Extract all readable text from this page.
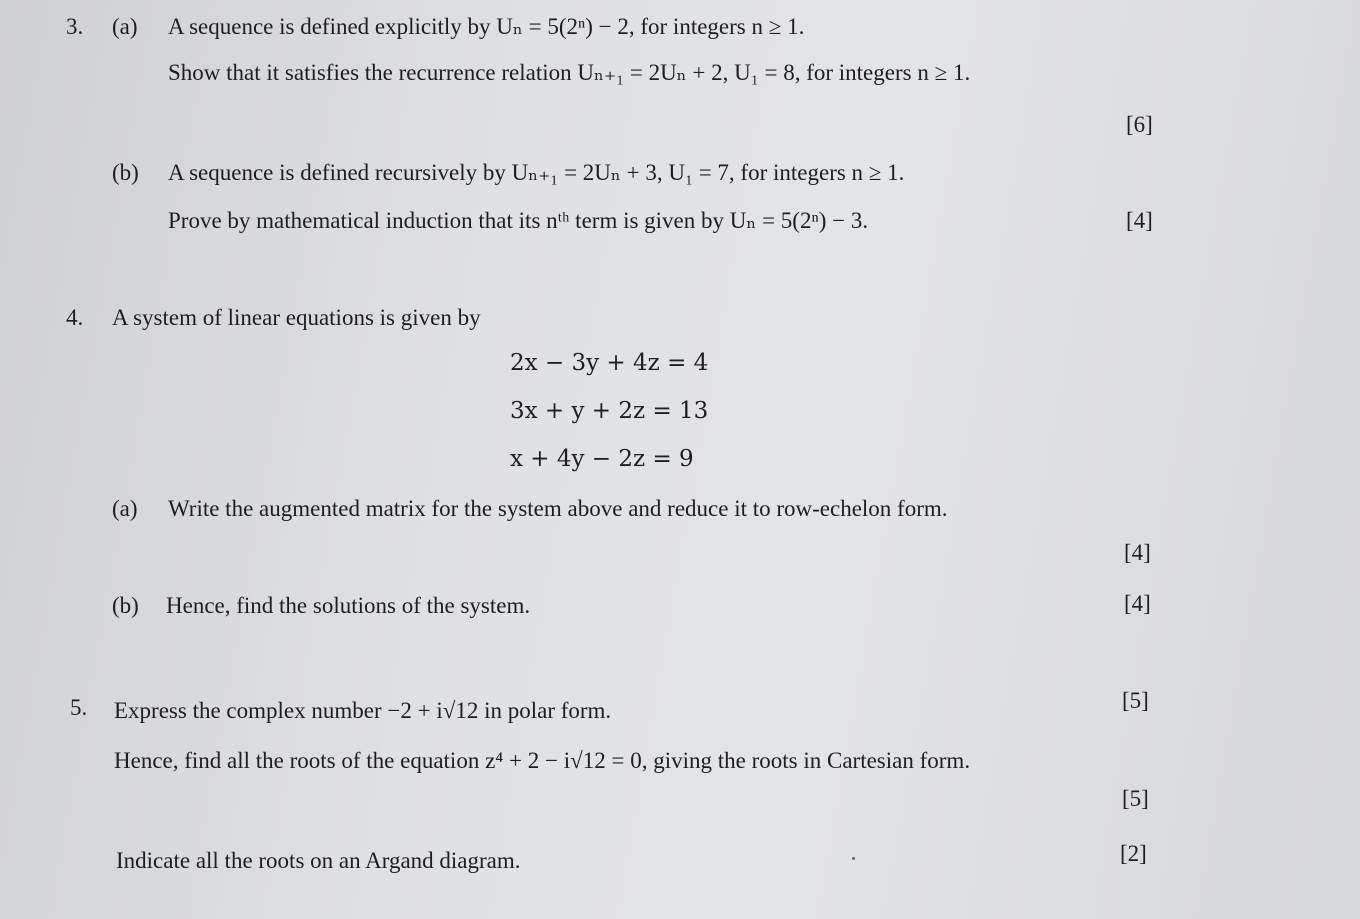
3. (a) A sequence is defined explicitly by Uₙ = 5(2ⁿ) − 2, for integers n ≥ 1.
Show that it satisfies the recurrence relation Uₙ₊₁ = 2Uₙ + 2, U₁ = 8, for integers n ≥ 1.
[6]
(b) A sequence is defined recursively by Uₙ₊₁ = 2Uₙ + 3, U₁ = 7, for integers n ≥ 1.
Prove by mathematical induction that its nᵗʰ term is given by Uₙ = 5(2ⁿ) − 3.	[4]
4. A system of linear equations is given by
2x − 3y + 4z = 4
3x + y + 2z = 13
x + 4y − 2z = 9
(a) Write the augmented matrix for the system above and reduce it to row-echelon form.
[4]
(b) Hence, find the solutions of the system.	[4]
5. Express the complex number −2 + i√12 in polar form.	[5]
Hence, find all the roots of the equation z⁴ + 2 − i√12 = 0, giving the roots in Cartesian form.
[5]
Indicate all the roots on an Argand diagram.	[2]
